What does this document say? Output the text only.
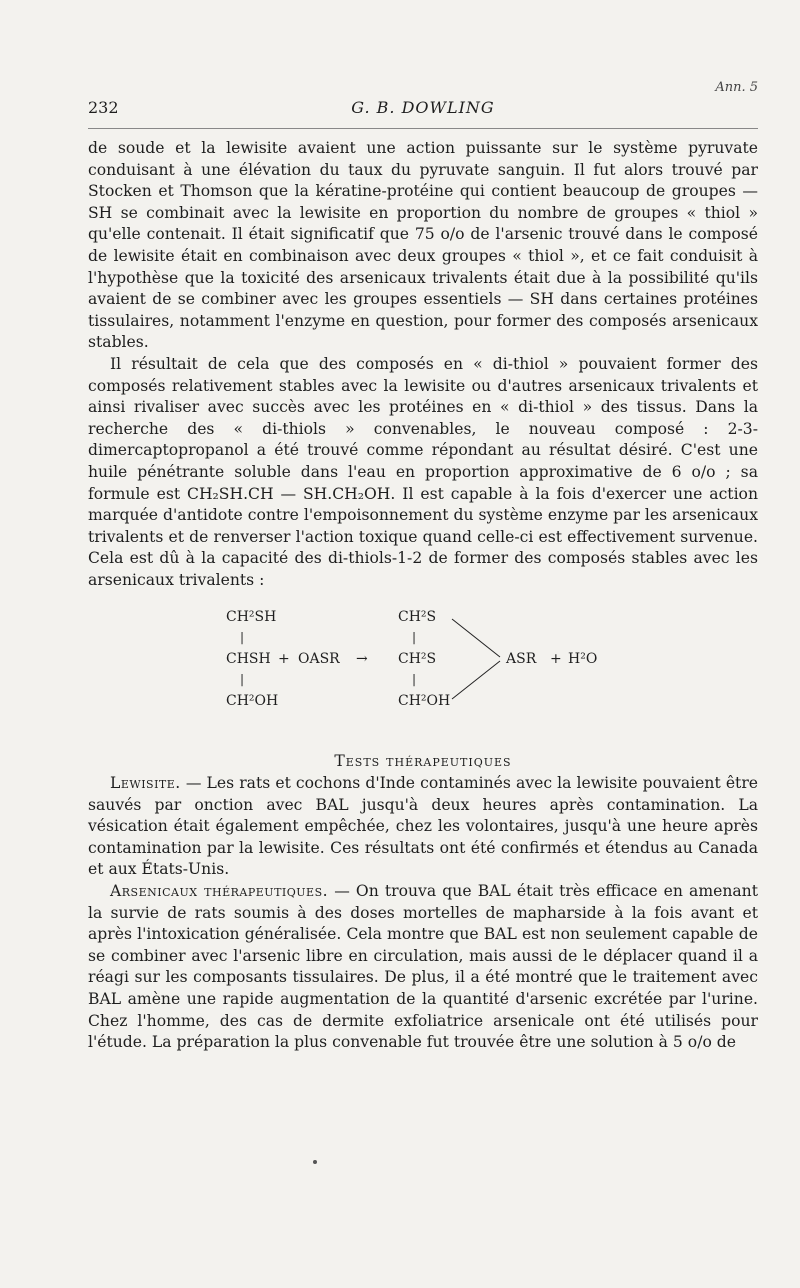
Ann. 5
232	G. B. DOWLING

de soude et la lewisite avaient une action puissante sur le système pyruvate conduisant à une élévation du taux du pyruvate sanguin. Il fut alors trouvé par Stocken et Thomson que la kératine-protéine qui contient beaucoup de groupes — SH se combinait avec la lewisite en proportion du nombre de groupes « thiol » qu'elle contenait. Il était significatif que 75 o/o de l'arsenic trouvé dans le composé de lewisite était en combinaison avec deux groupes « thiol », et ce fait conduisit à l'hypothèse que la toxicité des arsenicaux trivalents était due à la possibilité qu'ils avaient de se combiner avec les groupes essentiels — SH dans certaines protéines tissulaires, notamment l'enzyme en question, pour former des composés arsenicaux stables.

Il résultait de cela que des composés en « di-thiol » pouvaient former des composés relativement stables avec la lewisite ou d'autres arsenicaux trivalents et ainsi rivaliser avec succès avec les protéines en « di-thiol » des tissus. Dans la recherche des « di-thiols » convenables, le nouveau composé : 2-3-dimercaptopropanol a été trouvé comme répondant au résultat désiré. C'est une huile pénétrante soluble dans l'eau en proportion approximative de 6 o/o ; sa formule est CH₂SH.CH — SH.CH₂OH. Il est capable à la fois d'exercer une action marquée d'antidote contre l'empoisonnement du système enzyme par les arsenicaux trivalents et de renverser l'action toxique quand celle-ci est effectivement survenue. Cela est dû à la capacité des di-thiols-1-2 de former des composés stables avec les arsenicaux trivalents :

CH²SH
|
CHSH + OASR →
|
CH²OH
CH²S
|
CH²S
|
CH²OH
ASR + H²O
Tests thérapeutiques

Lewisite. — Les rats et cochons d'Inde contaminés avec la lewisite pouvaient être sauvés par onction avec BAL jusqu'à deux heures après contamination. La vésication était également empêchée, chez les volontaires, jusqu'à une heure après contamination par la lewisite. Ces résultats ont été confirmés et étendus au Canada et aux États-Unis.

Arsenicaux thérapeutiques. — On trouva que BAL était très efficace en amenant la survie de rats soumis à des doses mortelles de mapharside à la fois avant et après l'intoxication généralisée. Cela montre que BAL est non seulement capable de se combiner avec l'arsenic libre en circulation, mais aussi de le déplacer quand il a réagi sur les composants tissulaires. De plus, il a été montré que le traitement avec BAL amène une rapide augmentation de la quantité d'arsenic excrétée par l'urine. Chez l'homme, des cas de dermite exfoliatrice arsenicale ont été utilisés pour l'étude. La préparation la plus convenable fut trouvée être une solution à 5 o/o de
